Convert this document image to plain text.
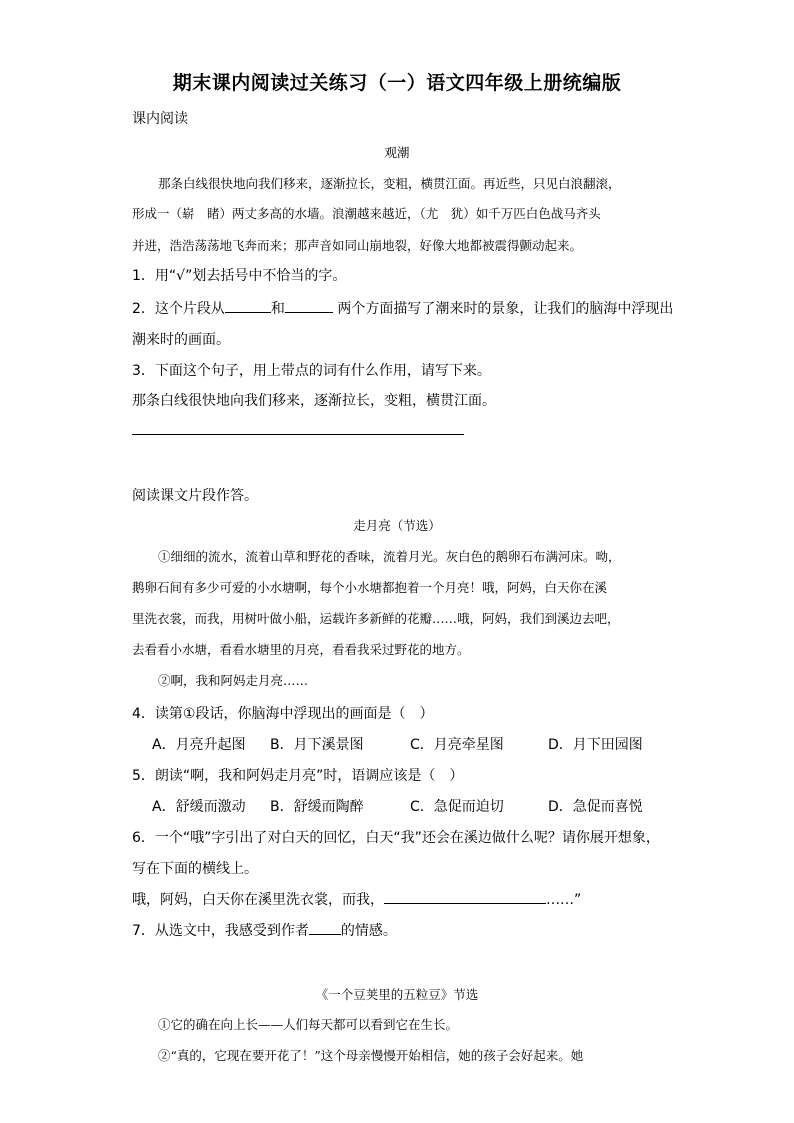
期末课内阅读过关练习（一）语文四年级上册统编版
课内阅读
观潮
那条白线很快地向我们移来，逐渐拉长，变粗，横贯江面。再近些，只见白浪翻滚，
形成一（崭　睹）两丈多高的水墙。浪潮越来越近，（尤　犹）如千万匹白色战马齐头
并进，浩浩荡荡地飞奔而来；那声音如同山崩地裂，好像大地都被震得颤动起来。
1．用“√”划去括号中不恰当的字。
2．这个片段从	和	两个方面描写了潮来时的景象，让我们的脑海中浮现出
潮来时的画面。
3．下面这个句子，用上带点的词有什么作用，请写下来。
那条白线很快地向我们移来，逐渐拉长，变粗，横贯江面。
阅读课文片段作答。
走月亮（节选）
①细细的流水，流着山草和野花的香味，流着月光。灰白色的鹅卵石布满河床。呦，
鹅卵石间有多少可爱的小水塘啊，每个小水塘都抱着一个月亮！哦，阿妈，白天你在溪
里洗衣裳，而我，用树叶做小船，运载许多新鲜的花瓣……哦，阿妈，我们到溪边去吧，
去看看小水塘，看看水塘里的月亮，看看我采过野花的地方。
②啊，我和阿妈走月亮……
4．读第①段话，你脑海中浮现出的画面是（　）
A．月亮升起图 B．月下溪景图	C．月亮牵星图	D．月下田园图
5．朗读“啊，我和阿妈走月亮”时，语调应该是（　）
A．舒缓而激动 B．舒缓而陶醉	C．急促而迫切	D．急促而喜悦
6．一个“哦”字引出了对白天的回忆，白天“我”还会在溪边做什么呢？请你展开想象，
写在下面的横线上。
哦，阿妈，白天你在溪里洗衣裳，而我，	……”
7．从选文中，我感受到作者 的情感。
《一个豆荚里的五粒豆》节选
①它的确在向上长——人们每天都可以看到它在生长。
②“真的，它现在要开花了！”这个母亲慢慢开始相信，她的孩子会好起来。她
